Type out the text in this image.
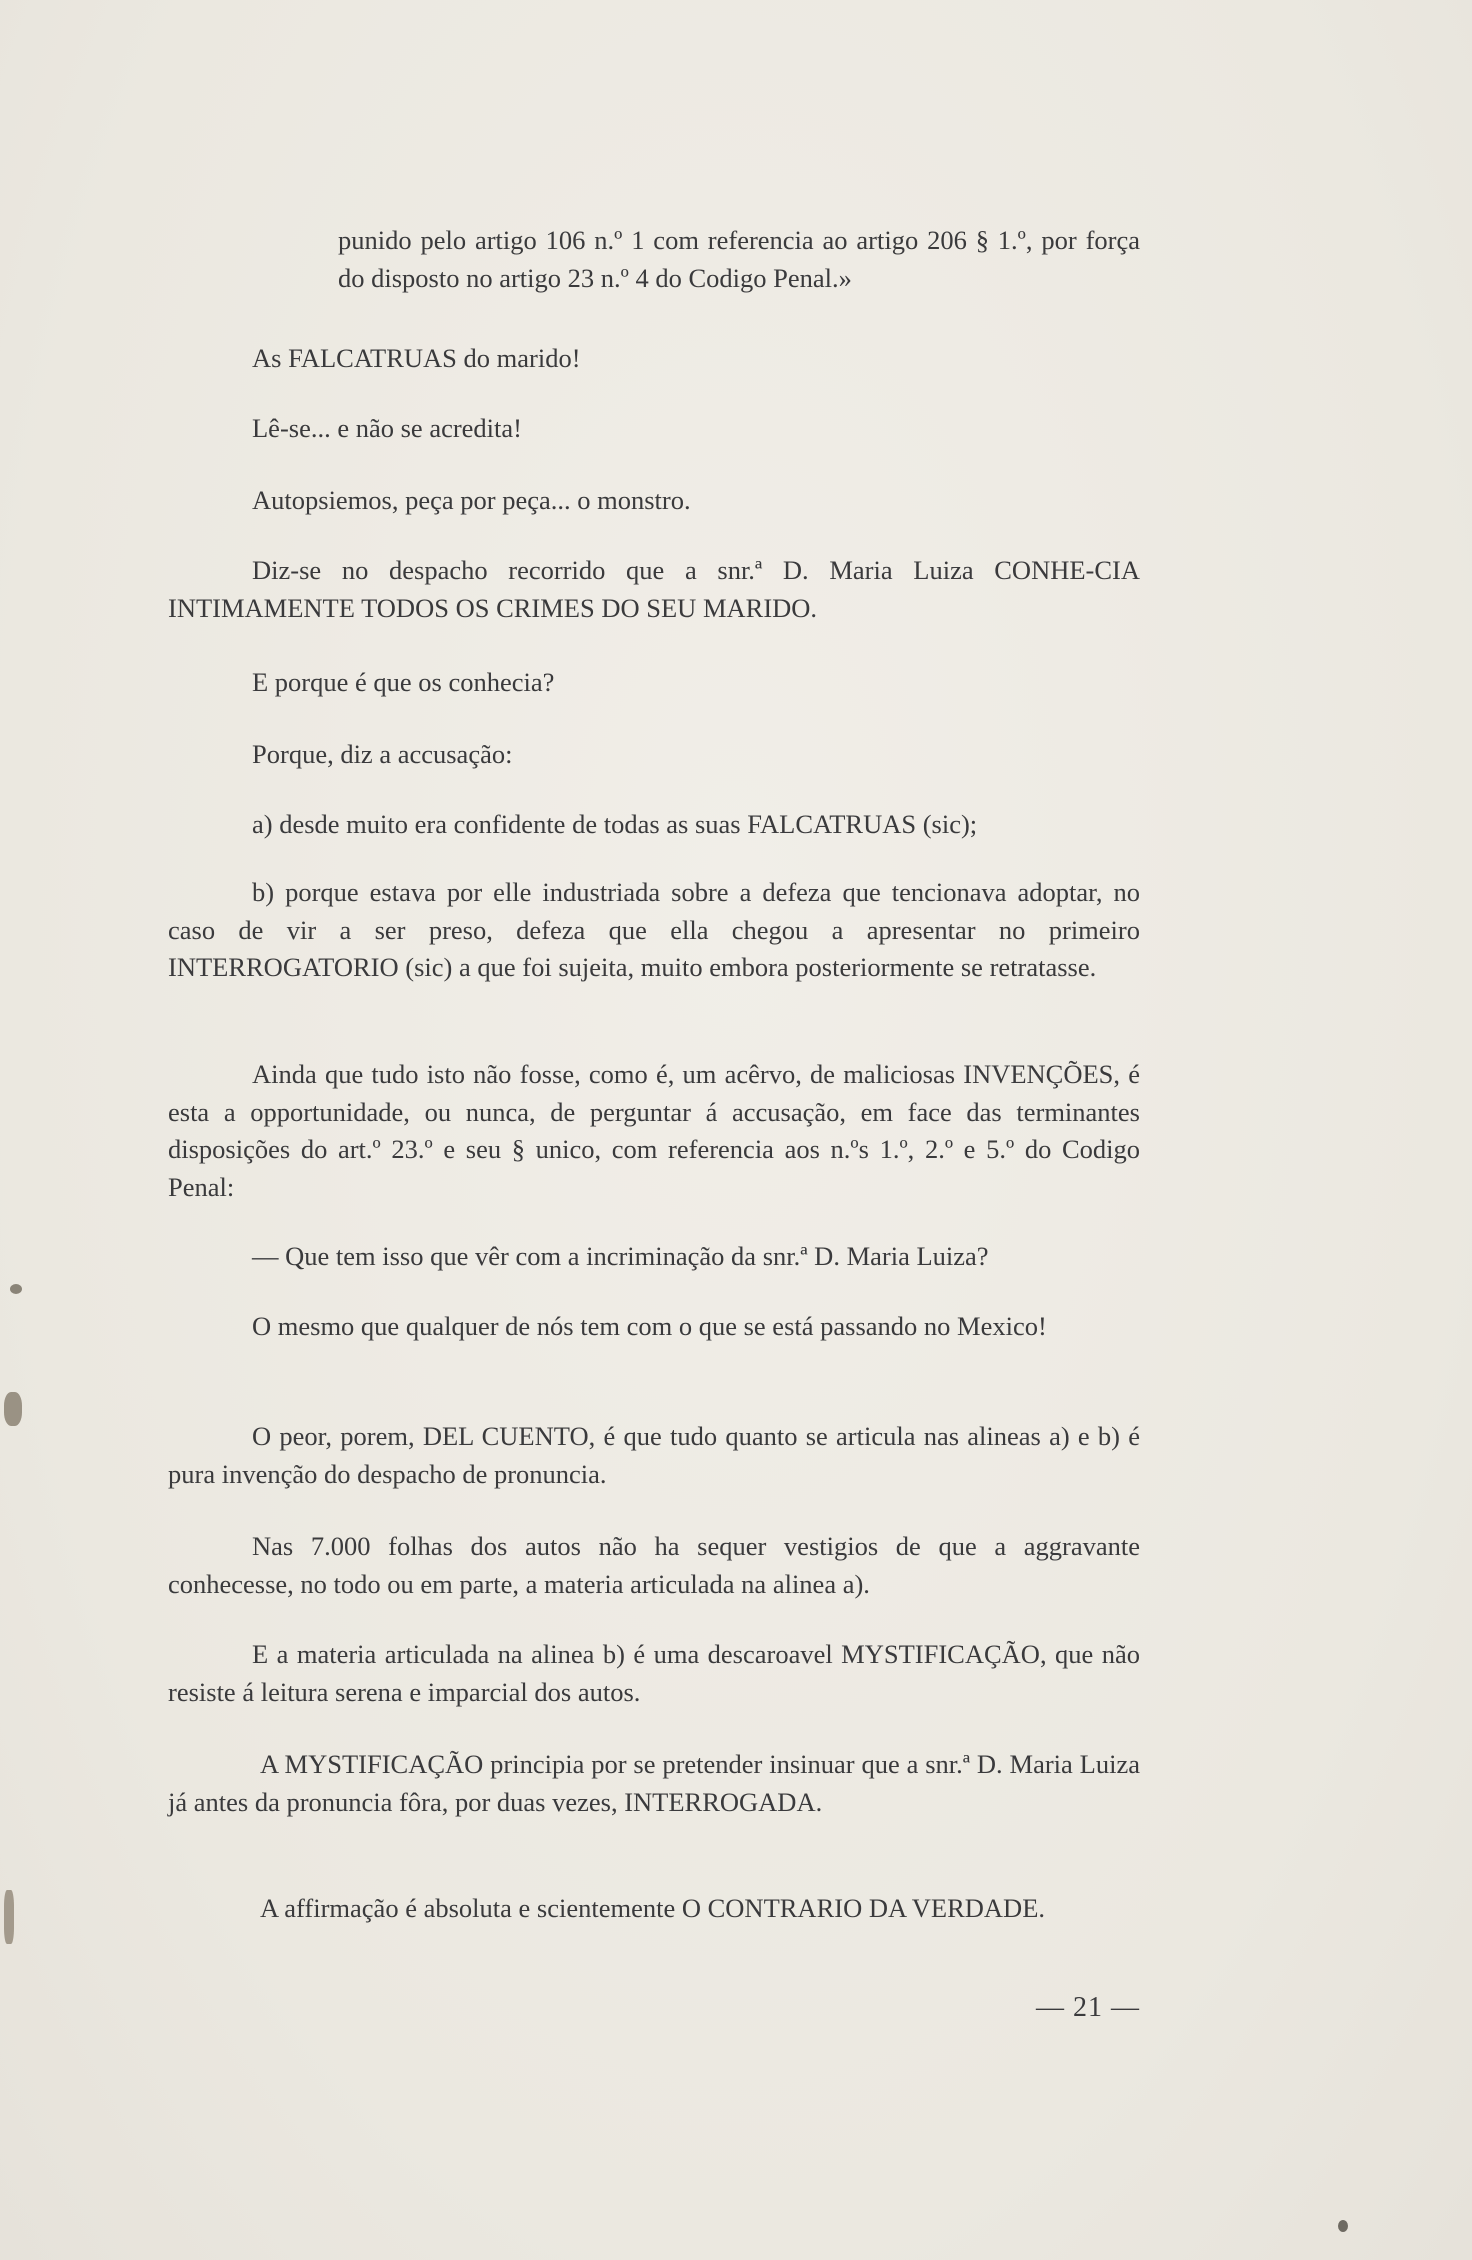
punido pelo artigo 106 n.º 1 com referencia ao artigo 206 § 1.º, por força do disposto no artigo 23 n.º 4 do Codigo Penal.»

As FALCATRUAS do marido!

Lê-se... e não se acredita!

Autopsiemos, peça por peça... o monstro.

Diz-se no despacho recorrido que a snr.ª D. Maria Luiza CONHE-CIA INTIMAMENTE TODOS OS CRIMES DO SEU MARIDO.

E porque é que os conhecia?

Porque, diz a accusação:

a) desde muito era confidente de todas as suas FALCATRUAS (sic);

b) porque estava por elle industriada sobre a defeza que tencionava adoptar, no caso de vir a ser preso, defeza que ella chegou a apresentar no primeiro INTERROGATORIO (sic) a que foi sujeita, muito embora posteriormente se retratasse.

Ainda que tudo isto não fosse, como é, um acêrvo, de maliciosas INVENÇÕES, é esta a opportunidade, ou nunca, de perguntar á accusação, em face das terminantes disposições do art.º 23.º e seu § unico, com referencia aos n.ºs 1.º, 2.º e 5.º do Codigo Penal:

— Que tem isso que vêr com a incriminação da snr.ª D. Maria Luiza?

O mesmo que qualquer de nós tem com o que se está passando no Mexico!

O peor, porem, DEL CUENTO, é que tudo quanto se articula nas alineas a) e b) é pura invenção do despacho de pronuncia.

Nas 7.000 folhas dos autos não ha sequer vestigios de que a aggravante conhecesse, no todo ou em parte, a materia articulada na alinea a).

E a materia articulada na alinea b) é uma descaroavel MYSTIFICAÇÃO, que não resiste á leitura serena e imparcial dos autos.

A MYSTIFICAÇÃO principia por se pretender insinuar que a snr.ª D. Maria Luiza já antes da pronuncia fôra, por duas vezes, INTERROGADA.

A affirmação é absoluta e scientemente O CONTRARIO DA VERDADE.

— 21 —
